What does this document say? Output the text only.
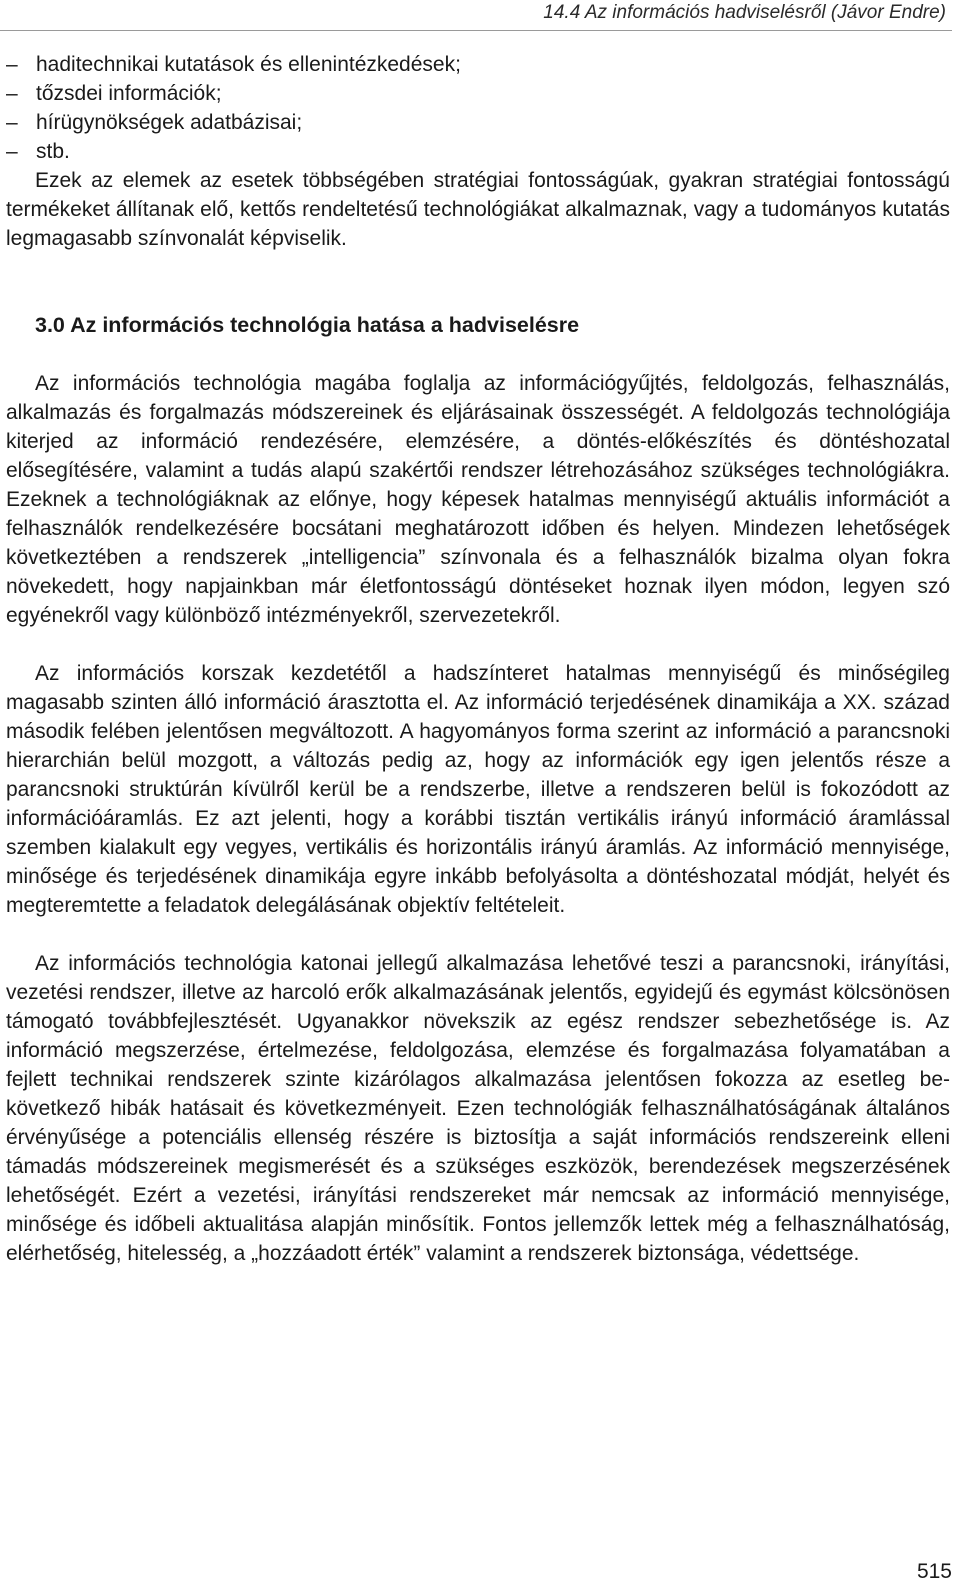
14.4 Az információs hadviselésről (Jávor Endre)
– haditechnikai kutatások és ellenintézkedések;
– tőzsdei információk;
– hírügynökségek adatbázisai;
– stb.

Ezek az elemek az esetek többségében stratégiai fontosságúak, gyakran stratégiai fontosságú termékeket állítanak elő, kettős rendeltetésű technológiákat alkalmaznak, vagy a tudományos kutatás legmagasabb színvonalát képviselik.

3.0 Az információs technológia hatása a hadviselésre

Az információs technológia magába foglalja az információgyűjtés, feldolgozás, felhasználás, alkalmazás és forgalmazás módszereinek és eljárásainak összességét. A feldolgozás technológiája kiterjed az információ rendezésére, elemzésére, a döntés-előkészítés és döntéshozatal elősegítésére, valamint a tudás alapú szakértői rendszer létrehozásához szükséges technológiákra. Ezeknek a technológiáknak az előnye, hogy képesek hatalmas mennyiségű aktuális információt a felhasználók rendelkezésére bocsátani meghatározott időben és helyen. Mindezen lehetőségek következtében a rendszerek „intelligencia” színvonala és a felhasználók bizalma olyan fokra növekedett, hogy napjainkban már életfontosságú döntéseket hoznak ilyen módon, legyen szó egyénekről vagy különböző intézményekről, szervezetekről.

Az információs korszak kezdetétől a hadszínteret hatalmas mennyiségű és minőségileg magasabb szinten álló információ árasztotta el. Az információ terjedésének dinamikája a XX. század második felében jelentősen megváltozott. A hagyományos forma szerint az információ a parancsnoki hierarchián belül mozgott, a változás pedig az, hogy az információk egy igen jelentős része a parancsnoki struktúrán kívülről kerül be a rendszerbe, illetve a rendszeren belül is fokozódott az információáramlás. Ez azt jelenti, hogy a korábbi tisztán vertikális irányú információ áramlással szemben kialakult egy vegyes, vertikális és horizontális irányú áramlás. Az információ mennyisége, minősége és terjedésének dinamikája egyre inkább befolyásolta a döntéshozatal módját, helyét és megteremtette a feladatok delegálásának objektív feltételeit.

Az információs technológia katonai jellegű alkalmazása lehetővé teszi a parancsnoki, irányítási, vezetési rendszer, illetve az harcoló erők alkalmazásának jelentős, egyidejű és egymást kölcsönösen támogató továbbfejlesztését. Ugyanakkor növekszik az egész rendszer sebezhetősége is. Az információ megszerzése, értelmezése, feldolgozása, elemzése és forgalmazása folyamatában a fejlett technikai rendszerek szinte kizárólagos alkalmazása jelentősen fokozza az esetleg bekövetkező hibák hatásait és következményeit. Ezen technológiák felhasználhatóságának általános érvényűsége a potenciális ellenség részére is biztosítja a saját információs rendszereink elleni támadás módszereinek megismerését és a szükséges eszközök, berendezések megszerzésének lehetőségét. Ezért a vezetési, irányítási rendszereket már nemcsak az információ mennyisége, minősége és időbeli aktualitása alapján minősítik. Fontos jellemzők lettek még a felhasználhatóság, elérhetőség, hitelesség, a „hozzáadott érték” valamint a rendszerek biztonsága, védettsége.

515
